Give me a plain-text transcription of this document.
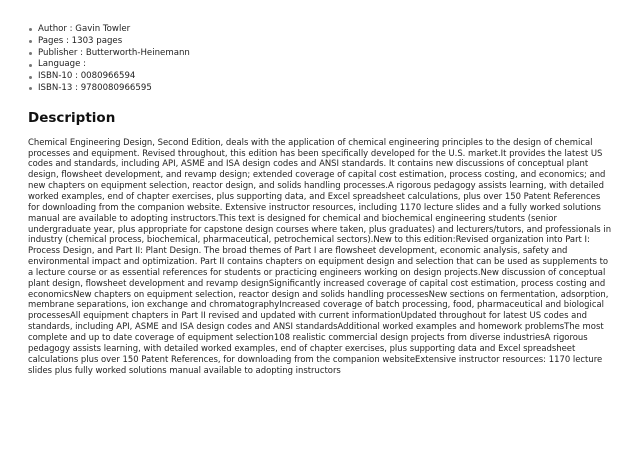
Author : Gavin Towler
Pages : 1303 pages
Publisher : Butterworth-Heinemann
Language :
ISBN-10 : 0080966594
ISBN-13 : 9780080966595
Description

Chemical Engineering Design, Second Edition, deals with the application of chemical engineering principles to the design of chemical processes and equipment. Revised throughout, this edition has been specifically developed for the U.S. market.It provides the latest US codes and standards, including API, ASME and ISA design codes and ANSI standards. It contains new discussions of conceptual plant design, flowsheet development, and revamp design; extended coverage of capital cost estimation, process costing, and economics; and new chapters on equipment selection, reactor design, and solids handling processes.A rigorous pedagogy assists learning, with detailed worked examples, end of chapter exercises, plus supporting data, and Excel spreadsheet calculations, plus over 150 Patent References for downloading from the companion website. Extensive instructor resources, including 1170 lecture slides and a fully worked solutions manual are available to adopting instructors.This text is designed for chemical and biochemical engineering students (senior undergraduate year, plus appropriate for capstone design courses where taken, plus graduates) and lecturers/tutors, and professionals in industry (chemical process, biochemical, pharmaceutical, petrochemical sectors).New to this edition:Revised organization into Part I: Process Design, and Part II: Plant Design. The broad themes of Part I are flowsheet development, economic analysis, safety and environmental impact and optimization. Part II contains chapters on equipment design and selection that can be used as supplements to a lecture course or as essential references for students or practicing engineers working on design projects.New discussion of conceptual plant design, flowsheet development and revamp designSignificantly increased coverage of capital cost estimation, process costing and economicsNew chapters on equipment selection, reactor design and solids handling processesNew sections on fermentation, adsorption, membrane separations, ion exchange and chromatographyIncreased coverage of batch processing, food, pharmaceutical and biological processesAll equipment chapters in Part II revised and updated with current informationUpdated throughout for latest US codes and standards, including API, ASME and ISA design codes and ANSI standardsAdditional worked examples and homework problemsThe most complete and up to date coverage of equipment selection108 realistic commercial design projects from diverse industriesA rigorous pedagogy assists learning, with detailed worked examples, end of chapter exercises, plus supporting data and Excel spreadsheet calculations plus over 150 Patent References, for downloading from the companion websiteExtensive instructor resources: 1170 lecture slides plus fully worked solutions manual available to adopting instructors
